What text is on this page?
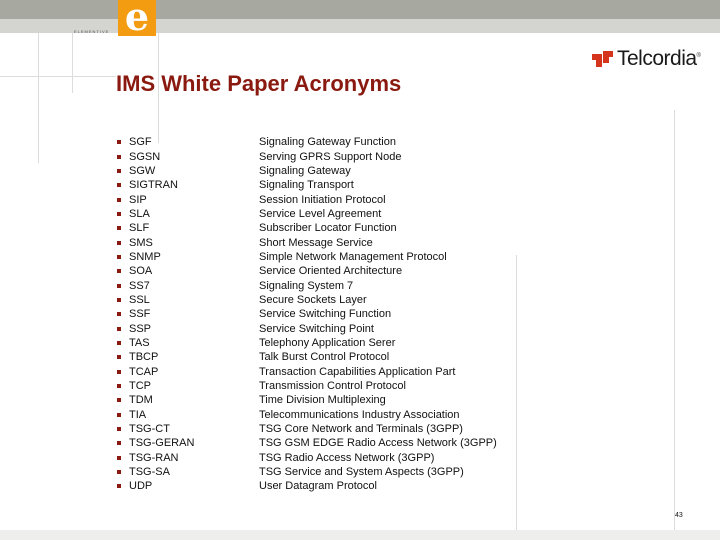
e
ELEMENTIVE
Telcordia®
IMS White Paper Acronyms
SGF	Signaling Gateway Function
SGSN	Serving GPRS Support Node
SGW	Signaling Gateway
SIGTRAN	Signaling Transport
SIP	Session Initiation Protocol
SLA	Service Level Agreement
SLF	Subscriber Locator Function
SMS	Short Message Service
SNMP	Simple Network Management Protocol
SOA	Service Oriented Architecture
SS7	Signaling System 7
SSL	Secure Sockets Layer
SSF	Service Switching Function
SSP	Service Switching Point
TAS	Telephony Application Serer
TBCP	Talk Burst Control Protocol
TCAP	Transaction Capabilities Application Part
TCP	Transmission Control Protocol
TDM	Time Division Multiplexing
TIA	Telecommunications Industry Association
TSG-CT	TSG Core Network and Terminals (3GPP)
TSG-GERAN	TSG GSM EDGE Radio Access Network (3GPP)
TSG-RAN	TSG Radio Access Network (3GPP)
TSG-SA	TSG Service and System Aspects (3GPP)
UDP	User Datagram Protocol
43
